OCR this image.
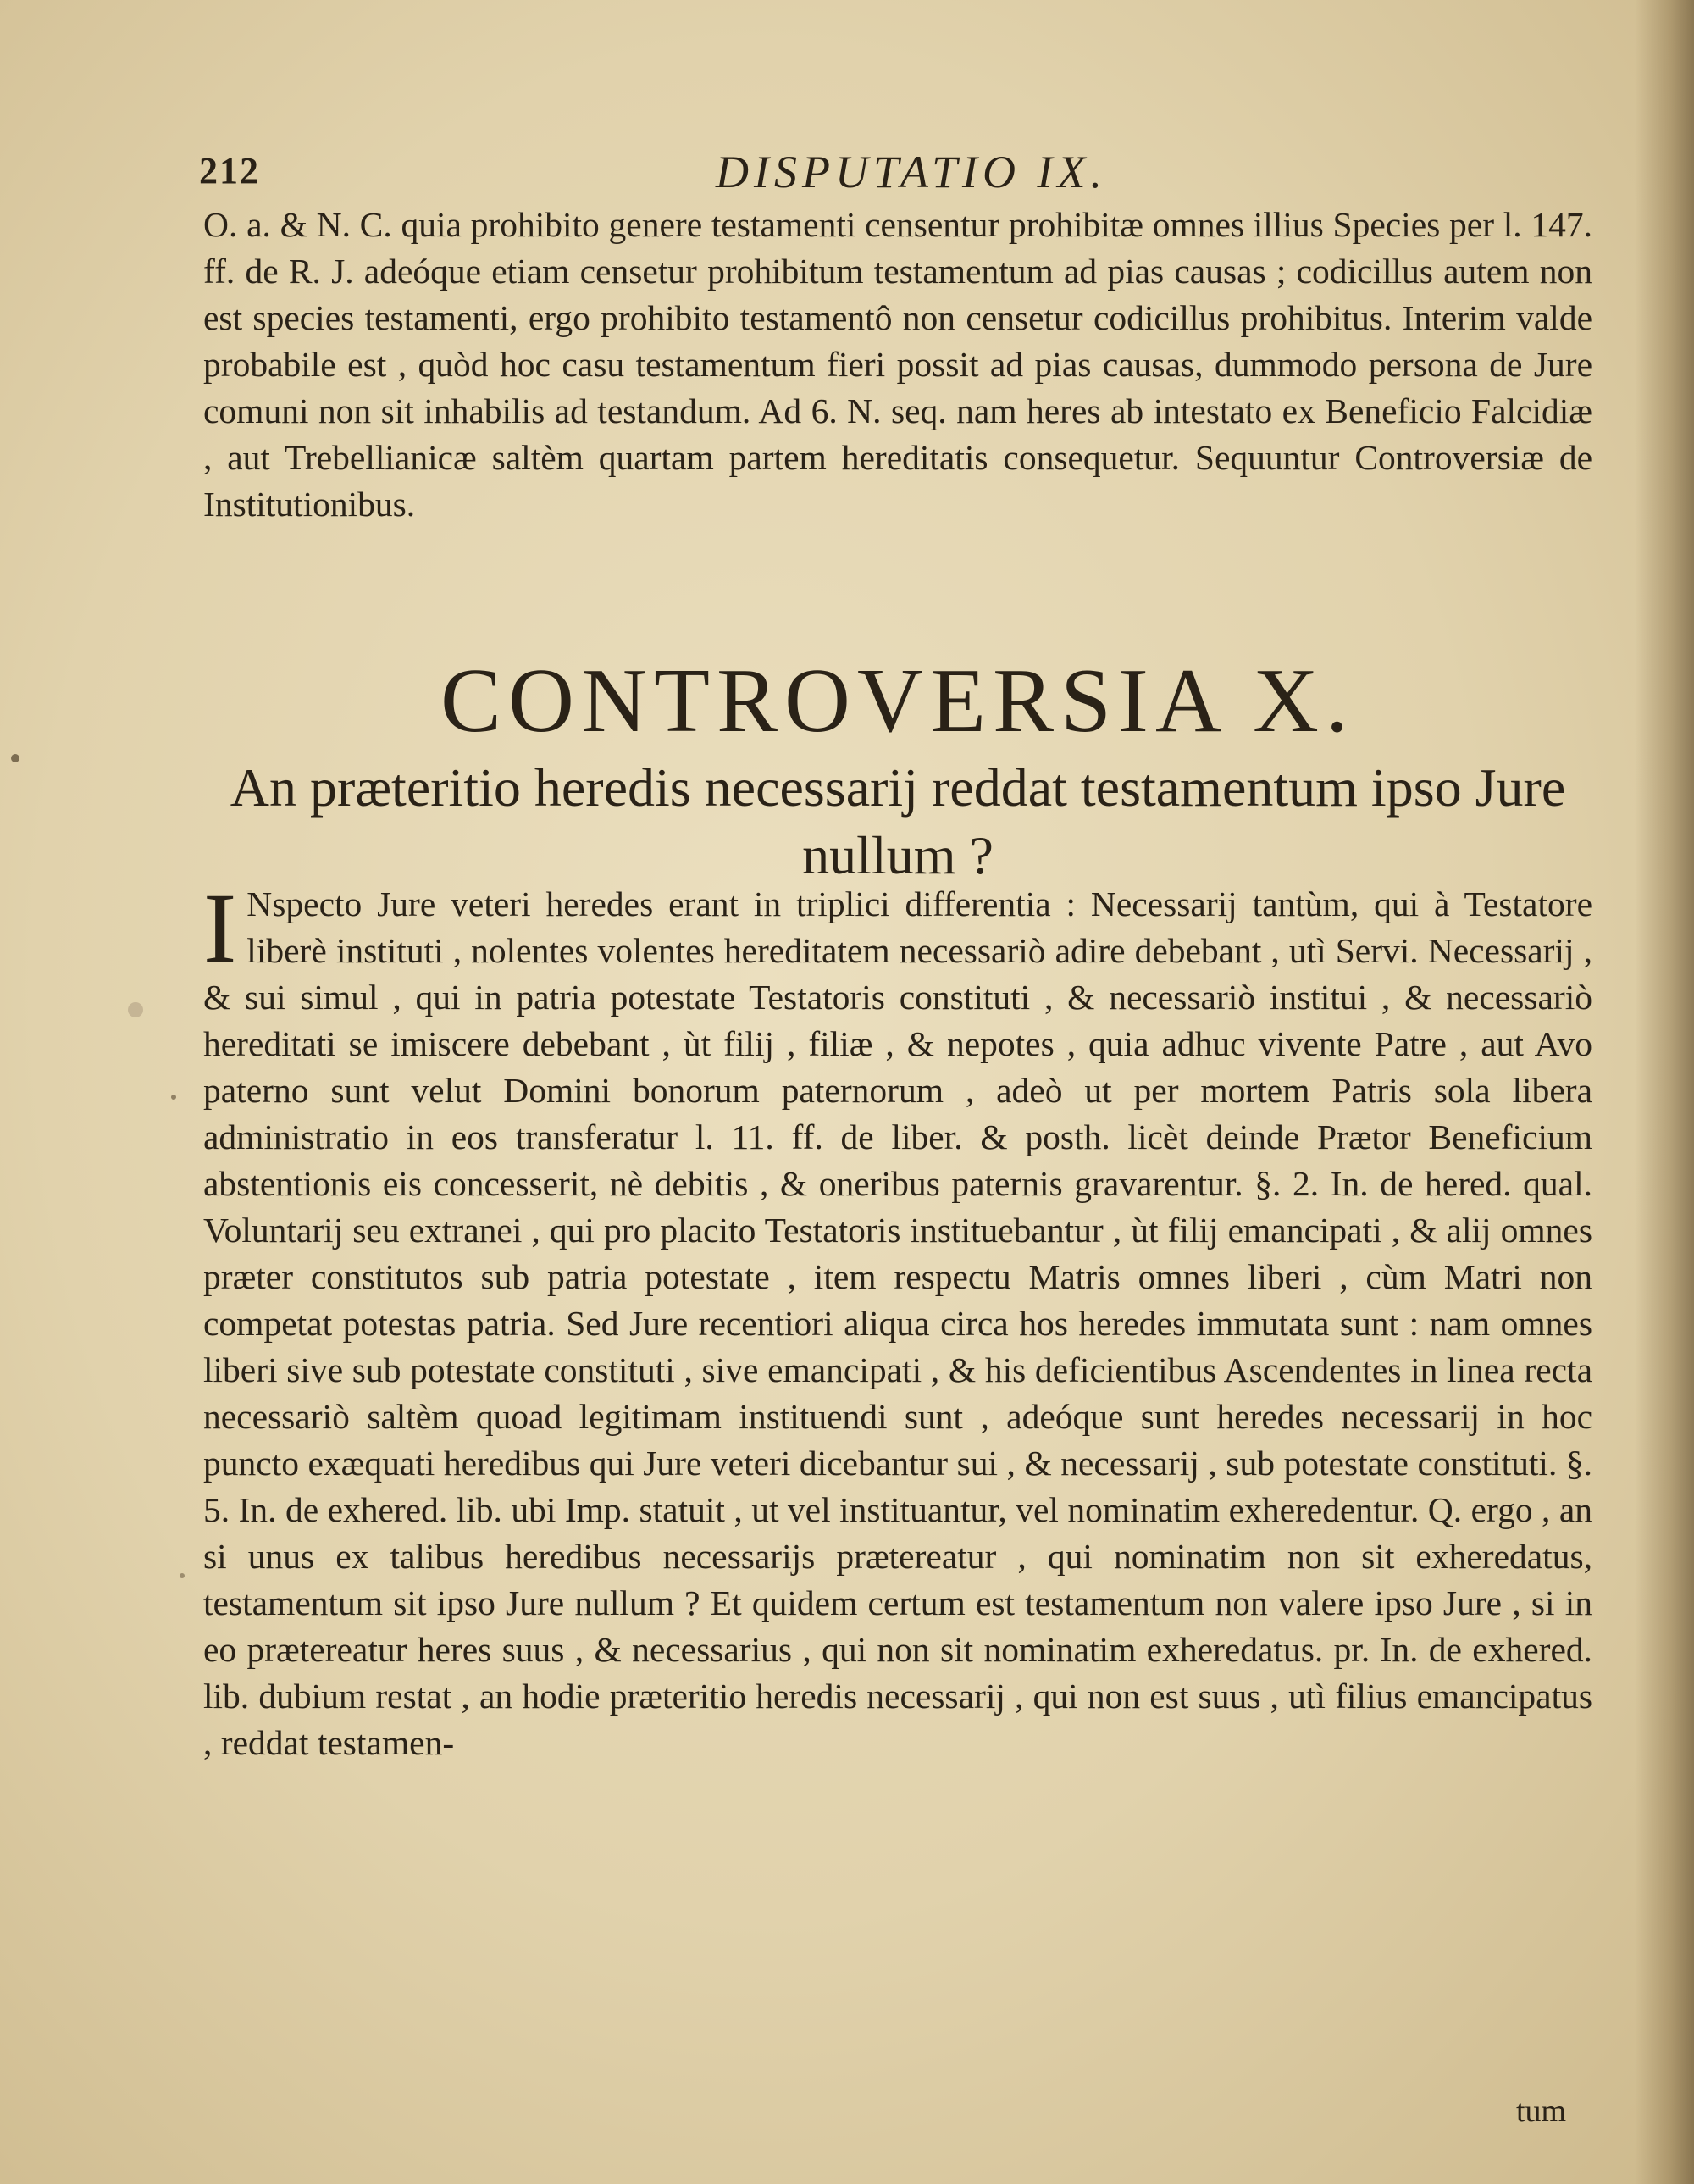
212	DISPUTATIO IX.
O. a. & N. C. quia prohibito genere testamenti censentur prohibitæ omnes illius Species per l. 147. ff. de R. J. adeóque etiam censetur prohibitum testamentum ad pias causas ; codicillus autem non est species testamenti, ergo prohibito testamentô non censetur codicillus prohibitus. Interim valde probabile est , quòd hoc casu testamentum fieri possit ad pias causas, dummodo persona de Jure comuni non sit inhabilis ad testandum. Ad 6. N. seq. nam heres ab intestato ex Beneficio Falcidiæ , aut Trebellianicæ saltèm quartam partem hereditatis consequetur. Sequuntur Controversiæ de Institutionibus.
CONTROVERSIA X.
An præteritio heredis necessarij reddat testamentum ipso Jure nullum ?
I Nspecto Jure veteri heredes erant in triplici differentia : Necessarij tantùm, qui à Testatore liberè instituti , nolentes volentes hereditatem necessariò adire debebant , utì Servi. Necessarij , & sui simul , qui in patria potestate Testatoris constituti , & necessariò institui , & necessariò hereditati se imiscere debebant , ùt filij , filiæ , & nepotes , quia adhuc vivente Patre , aut Avo paterno sunt velut Domini bonorum paternorum , adeò ut per mortem Patris sola libera administratio in eos transferatur l. 11. ff. de liber. & posth. licèt deinde Prætor Beneficium abstentionis eis concesserit, nè debitis , & oneribus paternis gravarentur. §. 2. In. de hered. qual. Voluntarij seu extranei , qui pro placito Testatoris instituebantur , ùt filij emancipati , & alij omnes præter constitutos sub patria potestate , item respectu Matris omnes liberi , cùm Matri non competat potestas patria. Sed Jure recentiori aliqua circa hos heredes immutata sunt : nam omnes liberi sive sub potestate constituti , sive emancipati , & his deficientibus Ascendentes in linea recta necessariò saltèm quoad legitimam instituendi sunt , adeóque sunt heredes necessarij in hoc puncto exæquati heredibus qui Jure veteri dicebantur sui , & necessarij , sub potestate constituti. §. 5. In. de exhered. lib. ubi Imp. statuit , ut vel instituantur, vel nominatim exheredentur. Q. ergo , an si unus ex talibus heredibus necessarijs prætereatur , qui nominatim non sit exheredatus, testamentum sit ipso Jure nullum ? Et quidem certum est testamentum non valere ipso Jure , si in eo prætereatur heres suus , & necessarius , qui non sit nominatim exheredatus. pr. In. de exhered. lib. dubium restat , an hodie præteritio heredis necessarij , qui non est suus , utì filius emancipatus , reddat testamen-
tum
